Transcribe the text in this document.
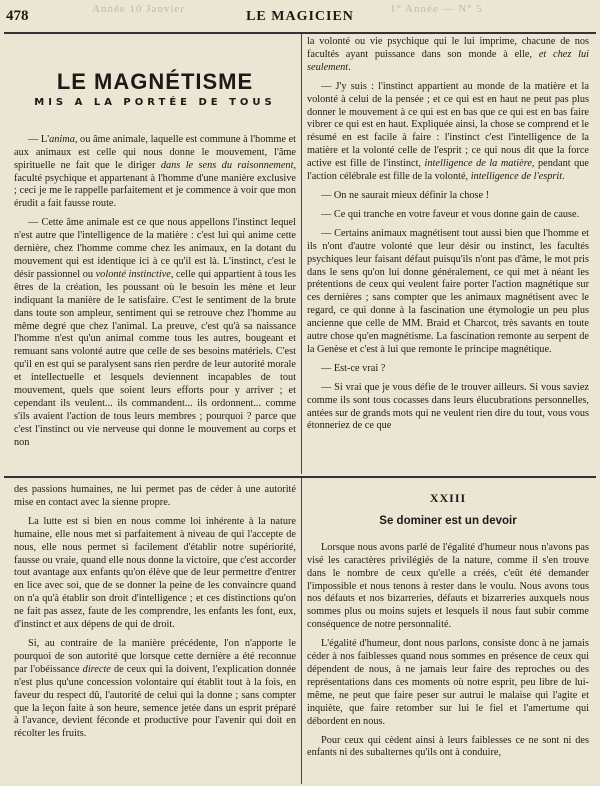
478	Année 10 Janvier	LE MAGICIEN	1° Année — N° 5
LE MAGNÉTISME
MIS A LA PORTÉE DE TOUS

— L'anima, ou âme animale, laquelle est commune à l'homme et aux animaux est celle qui nous donne le mouvement, l'âme spirituelle ne fait que le diriger dans le sens du raisonnement, faculté psychique et appartenant à l'homme d'une manière exclusive ; ceci je me le rappelle parfaitement et je commence à voir que mon érudit a fait fausse route.

— Cette âme animale est ce que nous appellons l'instinct lequel n'est autre que l'intelligence de la matière : c'est lui qui anime cette dernière, chez l'homme comme chez les animaux, en la dotant du mouvement qui est identique ici à ce qu'il est là. L'instinct, c'est le désir passionnel ou volonté instinctive, celle qui appartient à tous les êtres de la création, les poussant où le besoin les mène et leur indiquant la manière de le satisfaire. C'est le sentiment de la brute dans toute son ampleur, sentiment qui se retrouve chez l'homme au même degré que chez l'animal. La preuve, c'est qu'à sa naissance l'homme n'est qu'un animal comme tous les autres, bougeant et remuant sans volonté autre que celle de ses besoins matériels. C'est qu'il en est qui se paralysent sans rien perdre de leur autorité morale et intellectuelle et lesquels deviennent incapables de tout mouvement, quels que soient leurs efforts pour y arriver ; et cependant ils veulent... ils commandent... ils ordonnent... comme s'ils avaient l'action de tous leurs membres ; pourquoi ? parce que c'est l'instinct ou vie nerveuse qui donne le mouvement au corps et non

la volonté ou vie psychique qui le lui imprime, chacune de nos facultés ayant puissance dans son monde à elle, et chez lui seulement.

— J'y suis : l'instinct appartient au monde de la matière et la volonté à celui de la pensée ; et ce qui est en haut ne peut pas plus donner le mouvement à ce qui est en bas que ce qui est en bas faire vibrer ce qui est en haut. Expliquée ainsi, la chose se comprend et le résumé en est facile à faire : l'instinct c'est l'intelligence de la matière et la volonté celle de l'esprit ; ce qui nous dit que la force active est fille de l'instinct, intelligence de la matière, pendant que l'action célébrale est fille de la volonté, intelligence de l'esprit.

— On ne saurait mieux définir la chose !

— Ce qui tranche en votre faveur et vous donne gain de cause.

— Certains animaux magnétisent tout aussi bien que l'homme et ils n'ont d'autre volonté que leur désir ou instinct, les facultés psychiques leur faisant défaut puisqu'ils n'ont pas d'âme, le mot pris dans le sens qu'on lui donne généralement, ce qui met à néant les prétentions de ceux qui veulent faire porter l'action magnétique sur ces dernières ; sans compter que les animaux magnétisent avec le regard, ce qui donne à la fascination une étymologie un peu plus ancienne que celle de MM. Braid et Charcot, très savants en toute autre chose qu'en magnétisme. La fascination remonte au serpent de la Genèse et c'est à lui que remonte le principe magnétique.

— Est-ce vrai ?

— Si vrai que je vous défie de le trouver ailleurs. Si vous saviez comme ils sont tous cocasses dans leurs élucubrations personnelles, antées sur de grands mots qui ne veulent rien dire du tout, vous vous étonneriez de ce que

des passions humaines, ne lui permet pas de céder à une autorité mise en contact avec la sienne propre.

La lutte est si bien en nous comme loi inhérente à la nature humaine, elle nous met si parfaitement à niveau de qui l'accepte de nous, elle nous permet si facilement d'établir notre supériorité, fausse ou vraie, quand elle nous donne la victoire, que c'est accorder tout avantage aux enfants qu'on élève que de leur permettre d'entrer en lice avec soi, que de se donner la peine de les convaincre quand on n'a qu'à établir son droit d'intelligence ; et ces distinctions qu'on ne fait pas assez, faute de les comprendre, les enfants les font, eux, d'instinct et aux dépens de qui de droit.

Si, au contraire de la manière précédente, l'on n'apporte le pourquoi de son autorité que lorsque cette dernière a été reconnue par l'obéissance directe de ceux qui la doivent, l'explication donnée n'est plus qu'une concession volontaire qui établit tout à la fois, en faveur du respect dû, l'autorité de celui qui la donne ; sans compter que la leçon faite à son heure, semence jetée dans un esprit préparé à l'avance, devient féconde et productive pour l'avenir qui doit en récolter les fruits.

XXIII
Se dominer est un devoir

Lorsque nous avons parlé de l'égalité d'humeur nous n'avons pas visé les caractères privilégiés de la nature, comme il s'en trouve dans le nombre de ceux qu'elle a créés, c'eût été demander l'impossible et nous tenons à rester dans le voulu. Nous avons tous nos défauts et nos bizarreries, défauts et bizarreries auxquels nous sommes plus ou moins sujets et lesquels il nous faut subir comme conséquence de notre personnalité.

L'égalité d'humeur, dont nous parlons, consiste donc à ne jamais céder à nos faiblesses quand nous sommes en présence de ceux qui dépendent de nous, à ne jamais leur faire des reproches ou des représentations dans ces moments où notre esprit, peu libre de lui-même, ne peut que faire peser sur autrui le malaise qui l'agite et inquiète, que faire retomber sur lui le fiel et l'amertume qui débordent en nous.

Pour ceux qui cèdent ainsi à leurs faiblesses ce ne sont ni des enfants ni des subalternes qu'ils ont à conduire,
